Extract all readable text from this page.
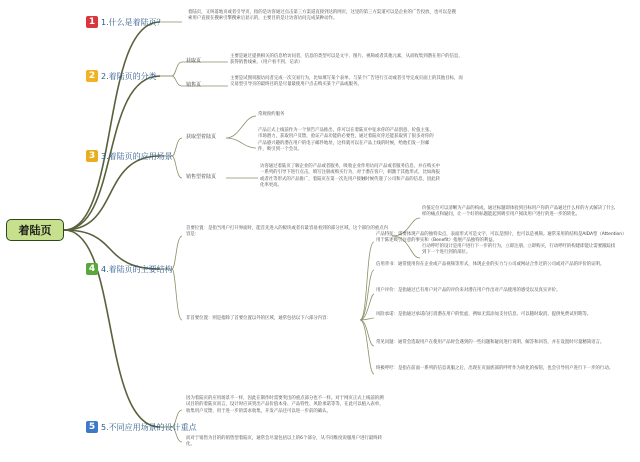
着陆页
1 1.什么是着陆页？
2 2.着陆页的分类
3 3.着陆页的应用场景
4 4.着陆页的主要结构
5 5.不同应用场景的设计重点
着陆页，又叫落地页或者引导页，指的是访客通过点击第三方渠道直接到达的网页，这里的第三方渠道可以是企业的广告投放，也可以是搜索用户直接在搜索引擎搜索后显示的，主要目的是让访客访问完成某种动作。
获取页
主要是通过提供相关的信息给访问者，信息的类型可以是文字、图片、视频或者其他元素，从而收集到潜在用户的信息，获得销售线索。（用户看不到、记录）
销售页
主要是试图说服访问者完成一次交易行为，比如填写某个表单、与某个广告进行互动或者引导完成页面上的其他目标，而交易型引导页的最终目的是尽量最使用户点击购买某个产品或服务。
获取型着陆页
常规预约服务
产品正式上线前作为一个预告产品推出，你可以在着陆页中征求你的产品创意、价值主张、市场潜力，获取用户反馈，验证产品功能的必要性，通过着陆页你还能获取到了很多对你的产品感兴趣的潜在用户的电子邮件地址，这样就可以在产品上线的时候，给他们发一封邮件，吸引到一个会员。
销售型着陆页
访客通过着陆页了解企业的产品或者服务，吸收企业作用访问产品或者服务信息，并在购买中一系列的引导下进行点击，填写注册或购买行为，对于潜在客户，刺激于其他形式，比如海报或者社等形式的产品推广，着陆页在第一次先用户接触时候传递了公司和产品的信息，因此转化率更高。
首要位置：是指当用户打开界面时，能首先进入的板块或者有最容易看到的部分区域，这个部位的重点内容是：
价值定位可以清晰为产品的构成，通过标题即体验到目标用户你的产品通过什么样的方式解决了什么样的痛点和疑问，让一个好的标题能起到吸引用户阅读用户进行的进一步的转化。
行动呼吁的设计是用户进行下一步的行为，立即注册、立即购买，行动呼吁的构建即能让需要跟踪找到下一个进行到的部位。
非首要位置：则是指除了首要位置以外的区域，通常包括以下六部分内容：
产品特征：需要体现产品的独特卖点，表面形式可是文字，可以是图片，也可以是视频。通常采用的结构是AIDA型（Attention）用于陈述吸引注意的事实和（Benefit）指展产品独特的利益。
信用背书：通常使用你在企业或产品视频等形式，体现企业的实力与公司或网站合作过的公司或对产品的评价的证明。
用户评价：是指通过已有用户对产品的评价来对潜在用户作出对产品使用的感受以及真实评价。
风险承诺：是指通过承诺向打消潜在用户的忧虑，例如无需添加支付信息、可以随时取消、提供免费试用期等。
常见问题：通常会选取用户在使用产品时会遇到的一些问题和疑问进行说明、解答和回答，并在设置时尽量精简语言。
终极呼吁：是指在前面一系列的信息说服之后，出现在页面底部的呼吁作为转化的按钮，也会引导用户进行下一步的行动。
因为着陆页的应用场景不一样，因此在制作时需要突出的重点部分也不一样。对于网页正式上线前的测试目的的着陆页而言，设计时应该突出产品价值本身、产品特性、风险承诺等等，在此可以植入表单，收集用户反馈，用于进一步的需求收集，开发产品还可以进一步前的确认。
而对于销售为目的的销售型着陆页，通常会尽量包括以上的6个部分，从不同维度说服用户进行最终转化。
